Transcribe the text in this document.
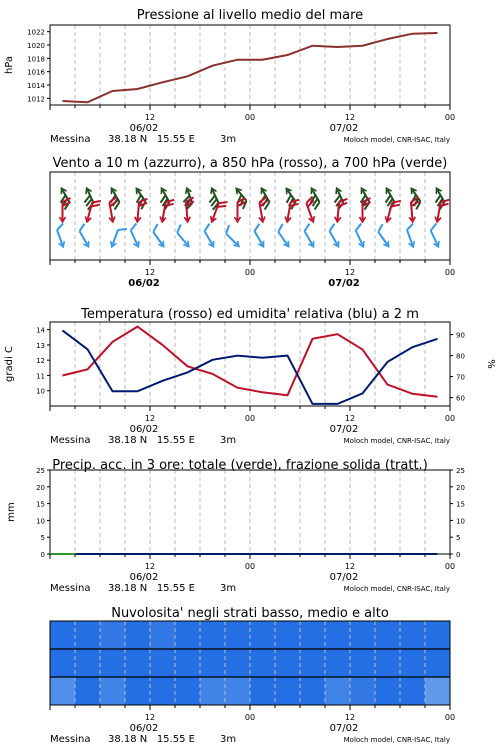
Pressione al livello medio del mare
1012
1014
1016
1018
1020
1022
hPa
12	00	12	00
06/02	07/02
Messina 38.18 N   15.55 E	3m	Moloch model, CNR-ISAC, Italy
Vento a 10 m (azzurro), a 850 hPa (rosso), a 700 hPa (verde)
12	00	12	00
06/02	07/02
Temperatura (rosso) ed umidita' relativa (blu) a 2 m
10
11
12
13
14
60
70
80
90
gradi C	%
12	00	12	00
06/02	07/02
Messina 38.18 N   15.55 E	3m	Moloch model, CNR-ISAC, Italy
Precip. acc. in 3 ore: totale (verde), frazione solida (tratt.)
0	0
5	5
10	10
15	15
20	20
25	25
mm
12	00	12	00
06/02	07/02
Messina 38.18 N   15.55 E	3m	Moloch model, CNR-ISAC, Italy
Nuvolosita' negli strati basso, medio e alto
12	00	12	00
06/02	07/02
Messina 38.18 N   15.55 E	3m	Moloch model, CNR-ISAC, Italy
